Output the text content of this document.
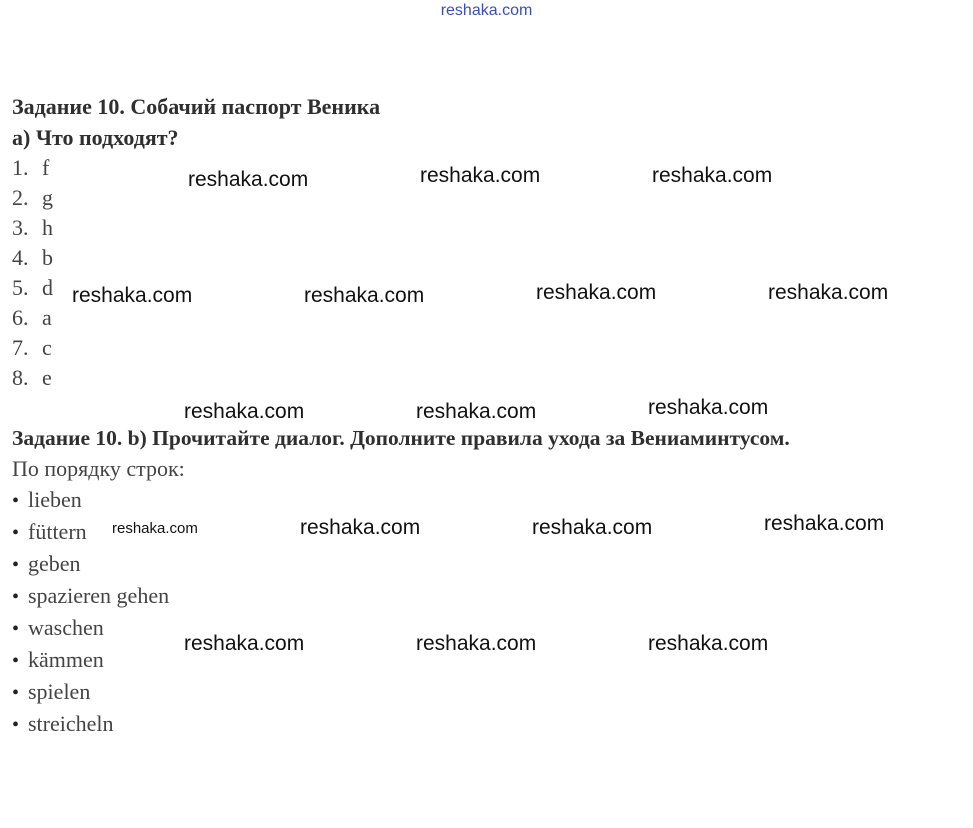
reshaka.com
Задание 10. Собачий паспорт Веника
а) Что подходят?
1. f
2. g
3. h
4. b
5. d
6. a
7. c
8. e
Задание 10. b) Прочитайте диалог. Дополните правила ухода за Вениаминтусом.
По порядку строк:
• lieben
• füttern
• geben
• spazieren gehen
• waschen
• kämmen
• spielen
• streicheln
reshaka.com	reshaka.com	reshaka.com
reshaka.com	reshaka.com	reshaka.com	reshaka.com
reshaka.com	reshaka.com	reshaka.com
reshaka.com	reshaka.com	reshaka.com	reshaka.com
reshaka.com	reshaka.com	reshaka.com
